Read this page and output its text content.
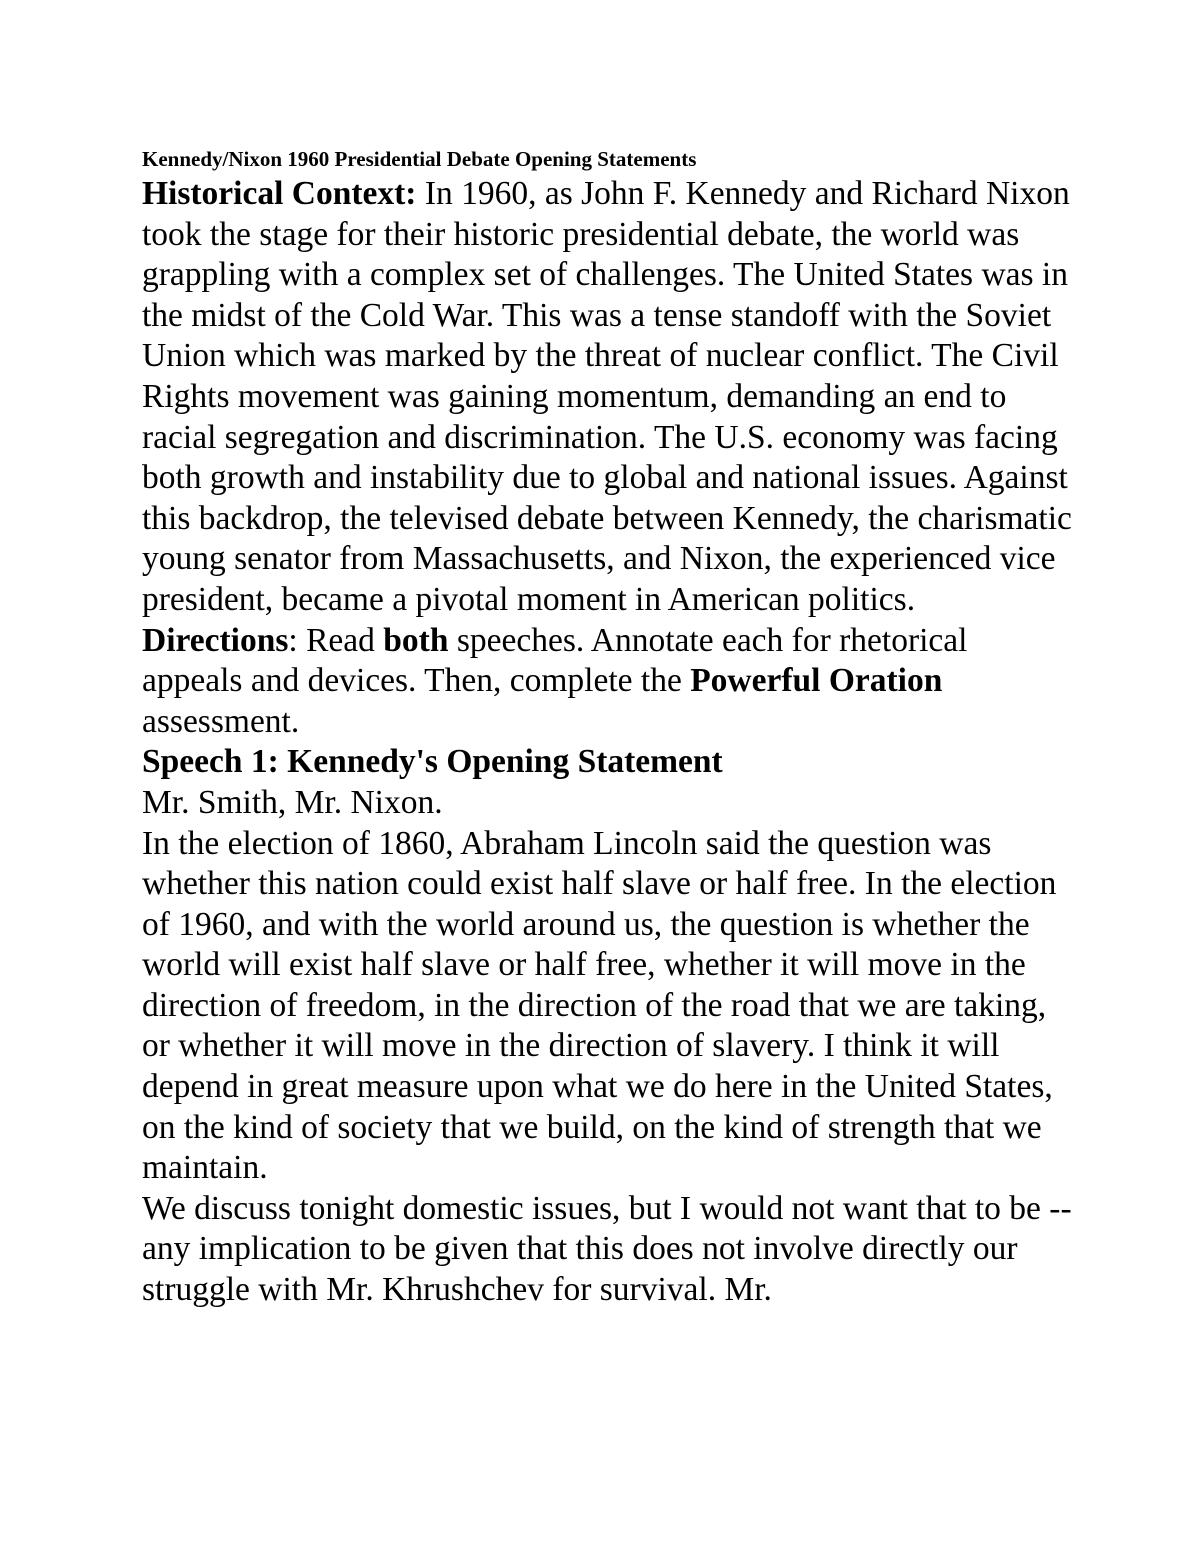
Kennedy/Nixon 1960 Presidential Debate Opening Statements

Historical Context: In 1960, as John F. Kennedy and Richard Nixon took the stage for their historic presidential debate, the world was grappling with a complex set of challenges. The United States was in the midst of the Cold War. This was a tense standoff with the Soviet Union which was marked by the threat of nuclear conflict. The Civil Rights movement was gaining momentum, demanding an end to racial segregation and discrimination. The U.S. economy was facing both growth and instability due to global and national issues. Against this backdrop, the televised debate between Kennedy, the charismatic young senator from Massachusetts, and Nixon, the experienced vice president, became a pivotal moment in American politics.

Directions: Read both speeches. Annotate each for rhetorical appeals and devices. Then, complete the Powerful Oration assessment.

Speech 1: Kennedy's Opening Statement

Mr. Smith, Mr. Nixon.

In the election of 1860, Abraham Lincoln said the question was whether this nation could exist half slave or half free. In the election of 1960, and with the world around us, the question is whether the world will exist half slave or half free, whether it will move in the direction of freedom, in the direction of the road that we are taking, or whether it will move in the direction of slavery. I think it will depend in great measure upon what we do here in the United States, on the kind of society that we build, on the kind of strength that we maintain.

We discuss tonight domestic issues, but I would not want that to be -- any implication to be given that this does not involve directly our struggle with Mr. Khrushchev for survival. Mr.
